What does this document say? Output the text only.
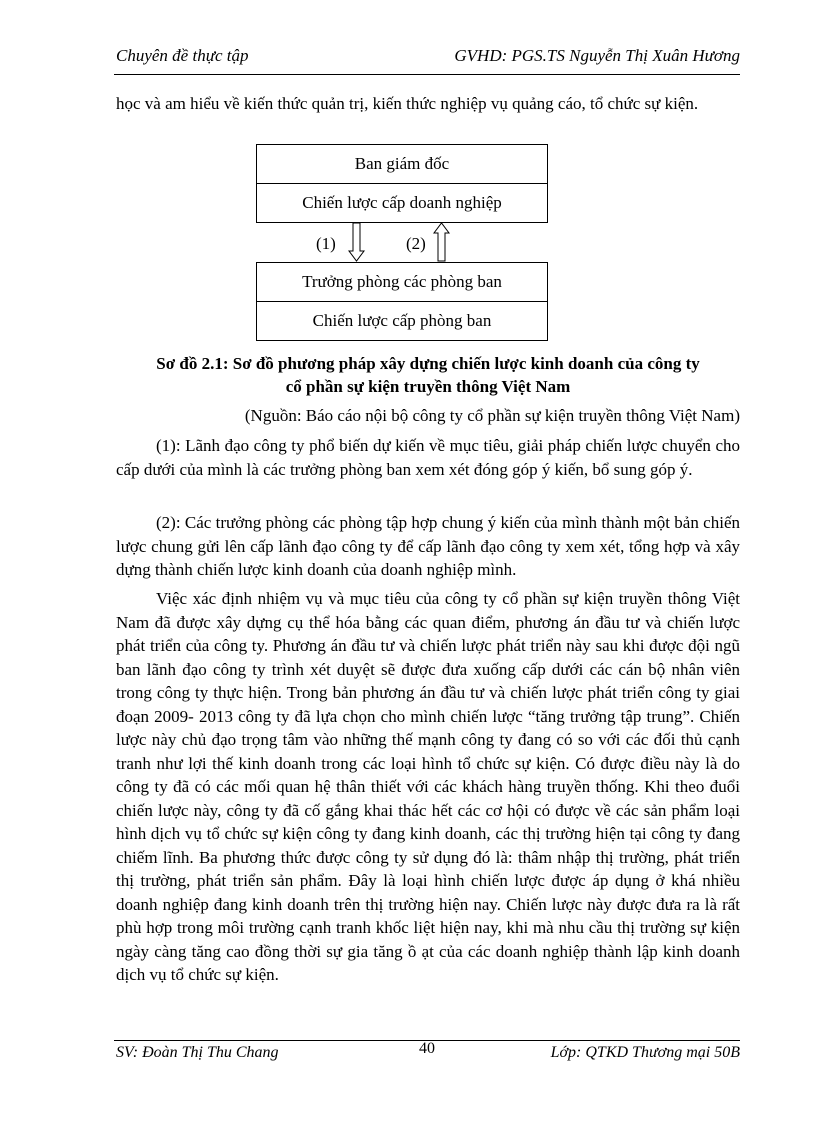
Chuyên đề thực tập	GVHD: PGS.TS Nguyễn Thị Xuân Hương
học và am hiểu về kiến thức quản trị, kiến thức nghiệp vụ quảng cáo, tổ chức sự kiện.
Ban giám đốc
Chiến lược cấp doanh nghiệp
Trưởng phòng các phòng ban
Chiến lược cấp phòng ban
(1)	(2)
Sơ đồ 2.1: Sơ đồ phương pháp xây dựng chiến lược kinh doanh của công ty
cổ phần sự kiện truyền thông Việt Nam
(Nguồn: Báo cáo nội bộ công ty cổ phần sự kiện truyền thông Việt Nam)
(1): Lãnh đạo công ty phổ biến dự kiến về mục tiêu, giải pháp chiến lược chuyển cho cấp dưới của mình là các trưởng phòng ban xem xét đóng góp ý kiến, bổ sung góp ý.
(2): Các trưởng phòng các phòng tập hợp chung ý kiến của mình thành một bản chiến lược chung gửi lên cấp lãnh đạo công ty để cấp lãnh đạo công ty xem xét, tổng hợp và xây dựng thành chiến lược kinh doanh của doanh nghiệp mình.
Việc xác định nhiệm vụ và mục tiêu của công ty cổ phần sự kiện truyền thông Việt Nam đã được xây dựng cụ thể hóa bằng các quan điểm, phương án đầu tư và chiến lược phát triển của công ty. Phương án đầu tư và chiến lược phát triển này sau khi được đội ngũ ban lãnh đạo công ty trình xét duyệt sẽ được đưa xuống cấp dưới các cán bộ nhân viên trong công ty thực hiện. Trong bản phương án đầu tư và chiến lược phát triển công ty giai đoạn 2009- 2013 công ty đã lựa chọn cho mình chiến lược “tăng trưởng tập trung”. Chiến lược này chủ đạo trọng tâm vào những thế mạnh công ty đang có so với các đối thủ cạnh tranh như lợi thế kinh doanh trong các loại hình tổ chức sự kiện. Có được điều này là do công ty đã có các mối quan hệ thân thiết với các khách hàng truyền thống. Khi theo đuổi chiến lược này, công ty đã cố gắng khai thác hết các cơ hội có được về các sản phẩm loại hình dịch vụ tổ chức sự kiện công ty đang kinh doanh, các thị trường hiện tại công ty đang chiếm lĩnh. Ba phương thức được công ty sử dụng đó là: thâm nhập thị trường, phát triển thị trường, phát triển sản phẩm. Đây là loại hình chiến lược được áp dụng ở khá nhiều doanh nghiệp đang kinh doanh trên thị trường hiện nay. Chiến lược này được đưa ra là rất phù hợp trong môi trường cạnh tranh khốc liệt hiện nay, khi mà nhu cầu thị trường sự kiện ngày càng tăng cao đồng thời sự gia tăng ồ ạt của các doanh nghiệp thành lập kinh doanh dịch vụ tổ chức sự kiện.
SV: Đoàn Thị Thu Chang	40	Lớp: QTKD Thương mại 50B
